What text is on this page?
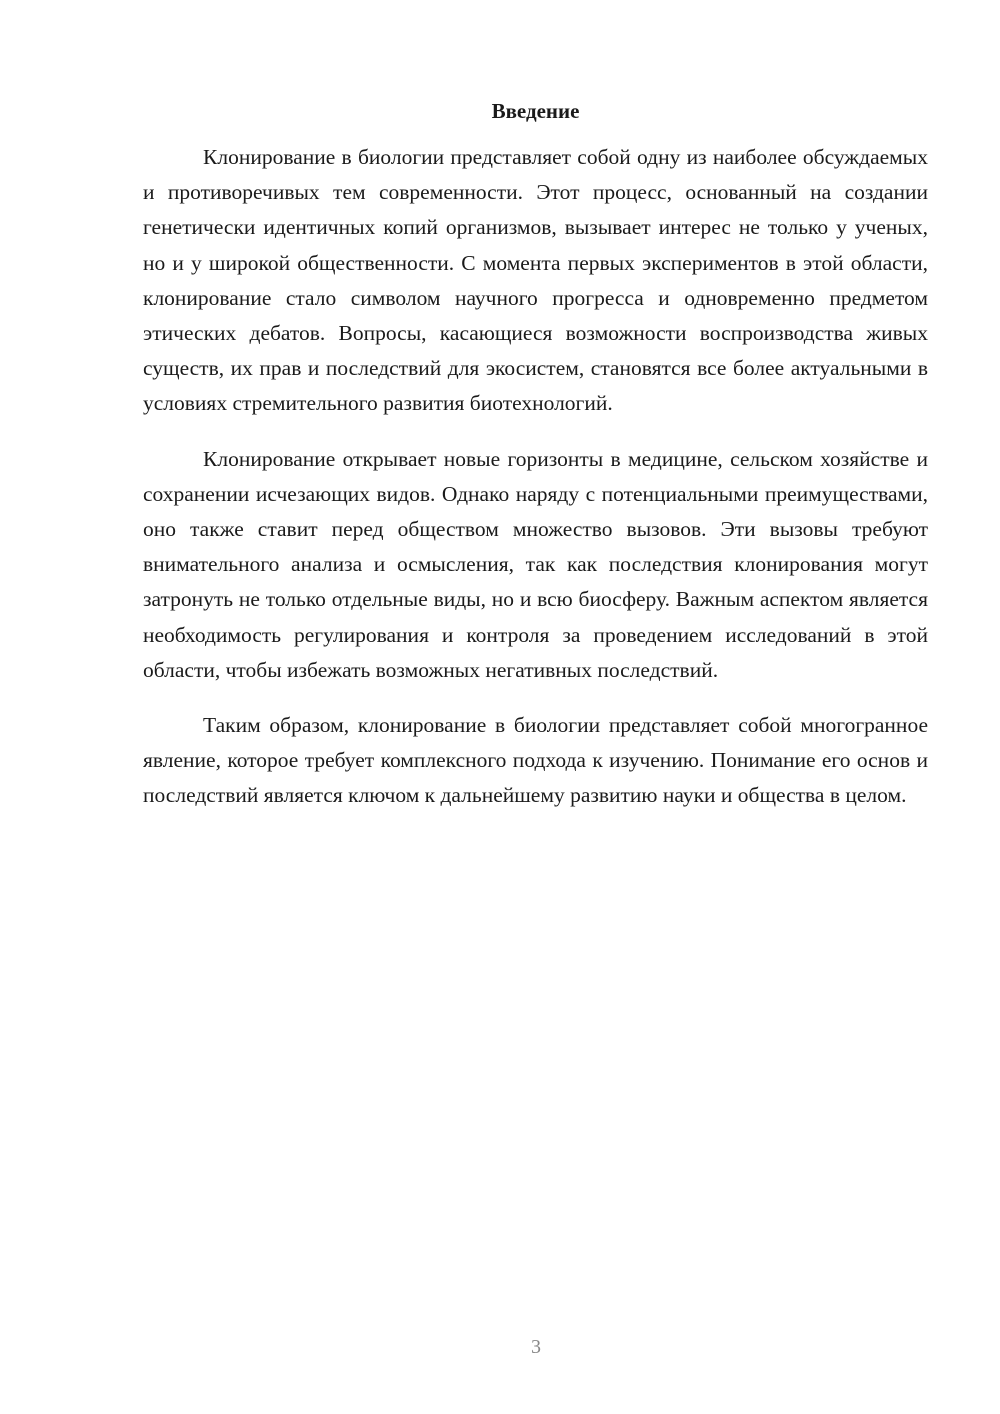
Введение

Клонирование в биологии представляет собой одну из наиболее обсуждаемых и противоречивых тем современности. Этот процесс, основанный на создании генетически идентичных копий организмов, вызывает интерес не только у ученых, но и у широкой общественности. С момента первых экспериментов в этой области, клонирование стало символом научного прогресса и одновременно предметом этических дебатов. Вопросы, касающиеся возможности воспроизводства живых существ, их прав и последствий для экосистем, становятся все более актуальными в условиях стремительного развития биотехнологий.

Клонирование открывает новые горизонты в медицине, сельском хозяйстве и сохранении исчезающих видов. Однако наряду с потенциальными преимуществами, оно также ставит перед обществом множество вызовов. Эти вызовы требуют внимательного анализа и осмысления, так как последствия клонирования могут затронуть не только отдельные виды, но и всю биосферу. Важным аспектом является необходимость регулирования и контроля за проведением исследований в этой области, чтобы избежать возможных негативных последствий.

Таким образом, клонирование в биологии представляет собой многогранное явление, которое требует комплексного подхода к изучению. Понимание его основ и последствий является ключом к дальнейшему развитию науки и общества в целом.

3
